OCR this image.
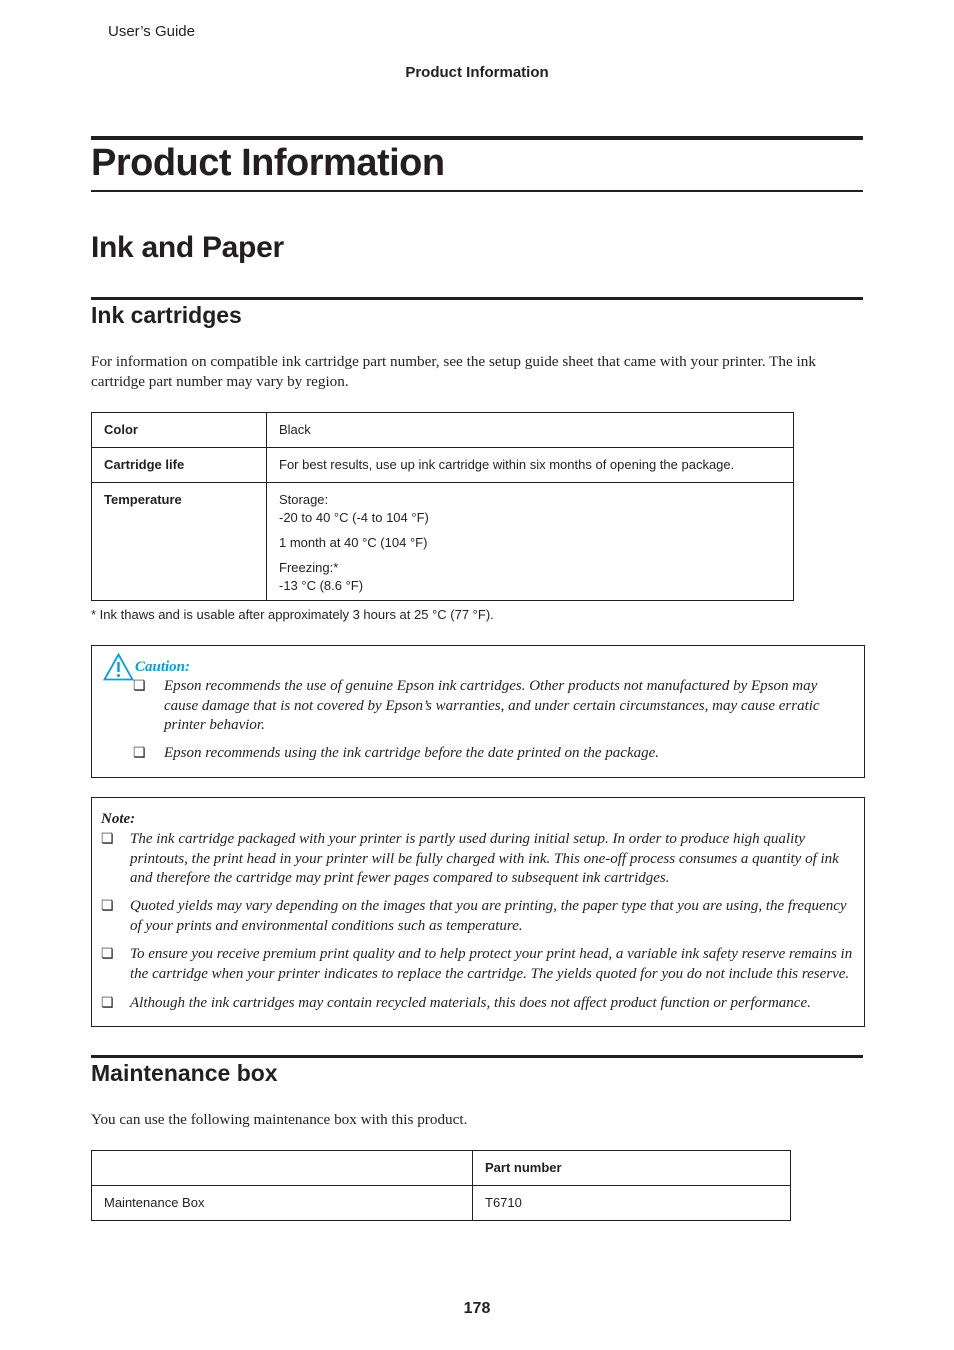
User’s Guide
Product Information
Product Information
Ink and Paper
Ink cartridges
For information on compatible ink cartridge part number, see the setup guide sheet that came with your printer. The ink cartridge part number may vary by region.
Color	Black
Cartridge life	For best results, use up ink cartridge within six months of opening the package.
Temperature	Storage:
-20 to 40 °C (-4 to 104 °F)
1 month at 40 °C (104 °F)
Freezing:*
-13 °C (8.6 °F)
* Ink thaws and is usable after approximately 3 hours at 25 °C (77 °F).
Caution:
❏ Epson recommends the use of genuine Epson ink cartridges. Other products not manufactured by Epson may
cause damage that is not covered by Epson’s warranties, and under certain circumstances, may cause erratic
printer behavior.
❏ Epson recommends using the ink cartridge before the date printed on the package.
Note:
❏ The ink cartridge packaged with your printer is partly used during initial setup. In order to produce high quality
printouts, the print head in your printer will be fully charged with ink. This one-off process consumes a quantity of ink
and therefore the cartridge may print fewer pages compared to subsequent ink cartridges.
❏ Quoted yields may vary depending on the images that you are printing, the paper type that you are using, the frequency
of your prints and environmental conditions such as temperature.
❏ To ensure you receive premium print quality and to help protect your print head, a variable ink safety reserve remains in
the cartridge when your printer indicates to replace the cartridge. The yields quoted for you do not include this reserve.
❏ Although the ink cartridges may contain recycled materials, this does not affect product function or performance.
Maintenance box
You can use the following maintenance box with this product.
	Part number
Maintenance Box	T6710
178
